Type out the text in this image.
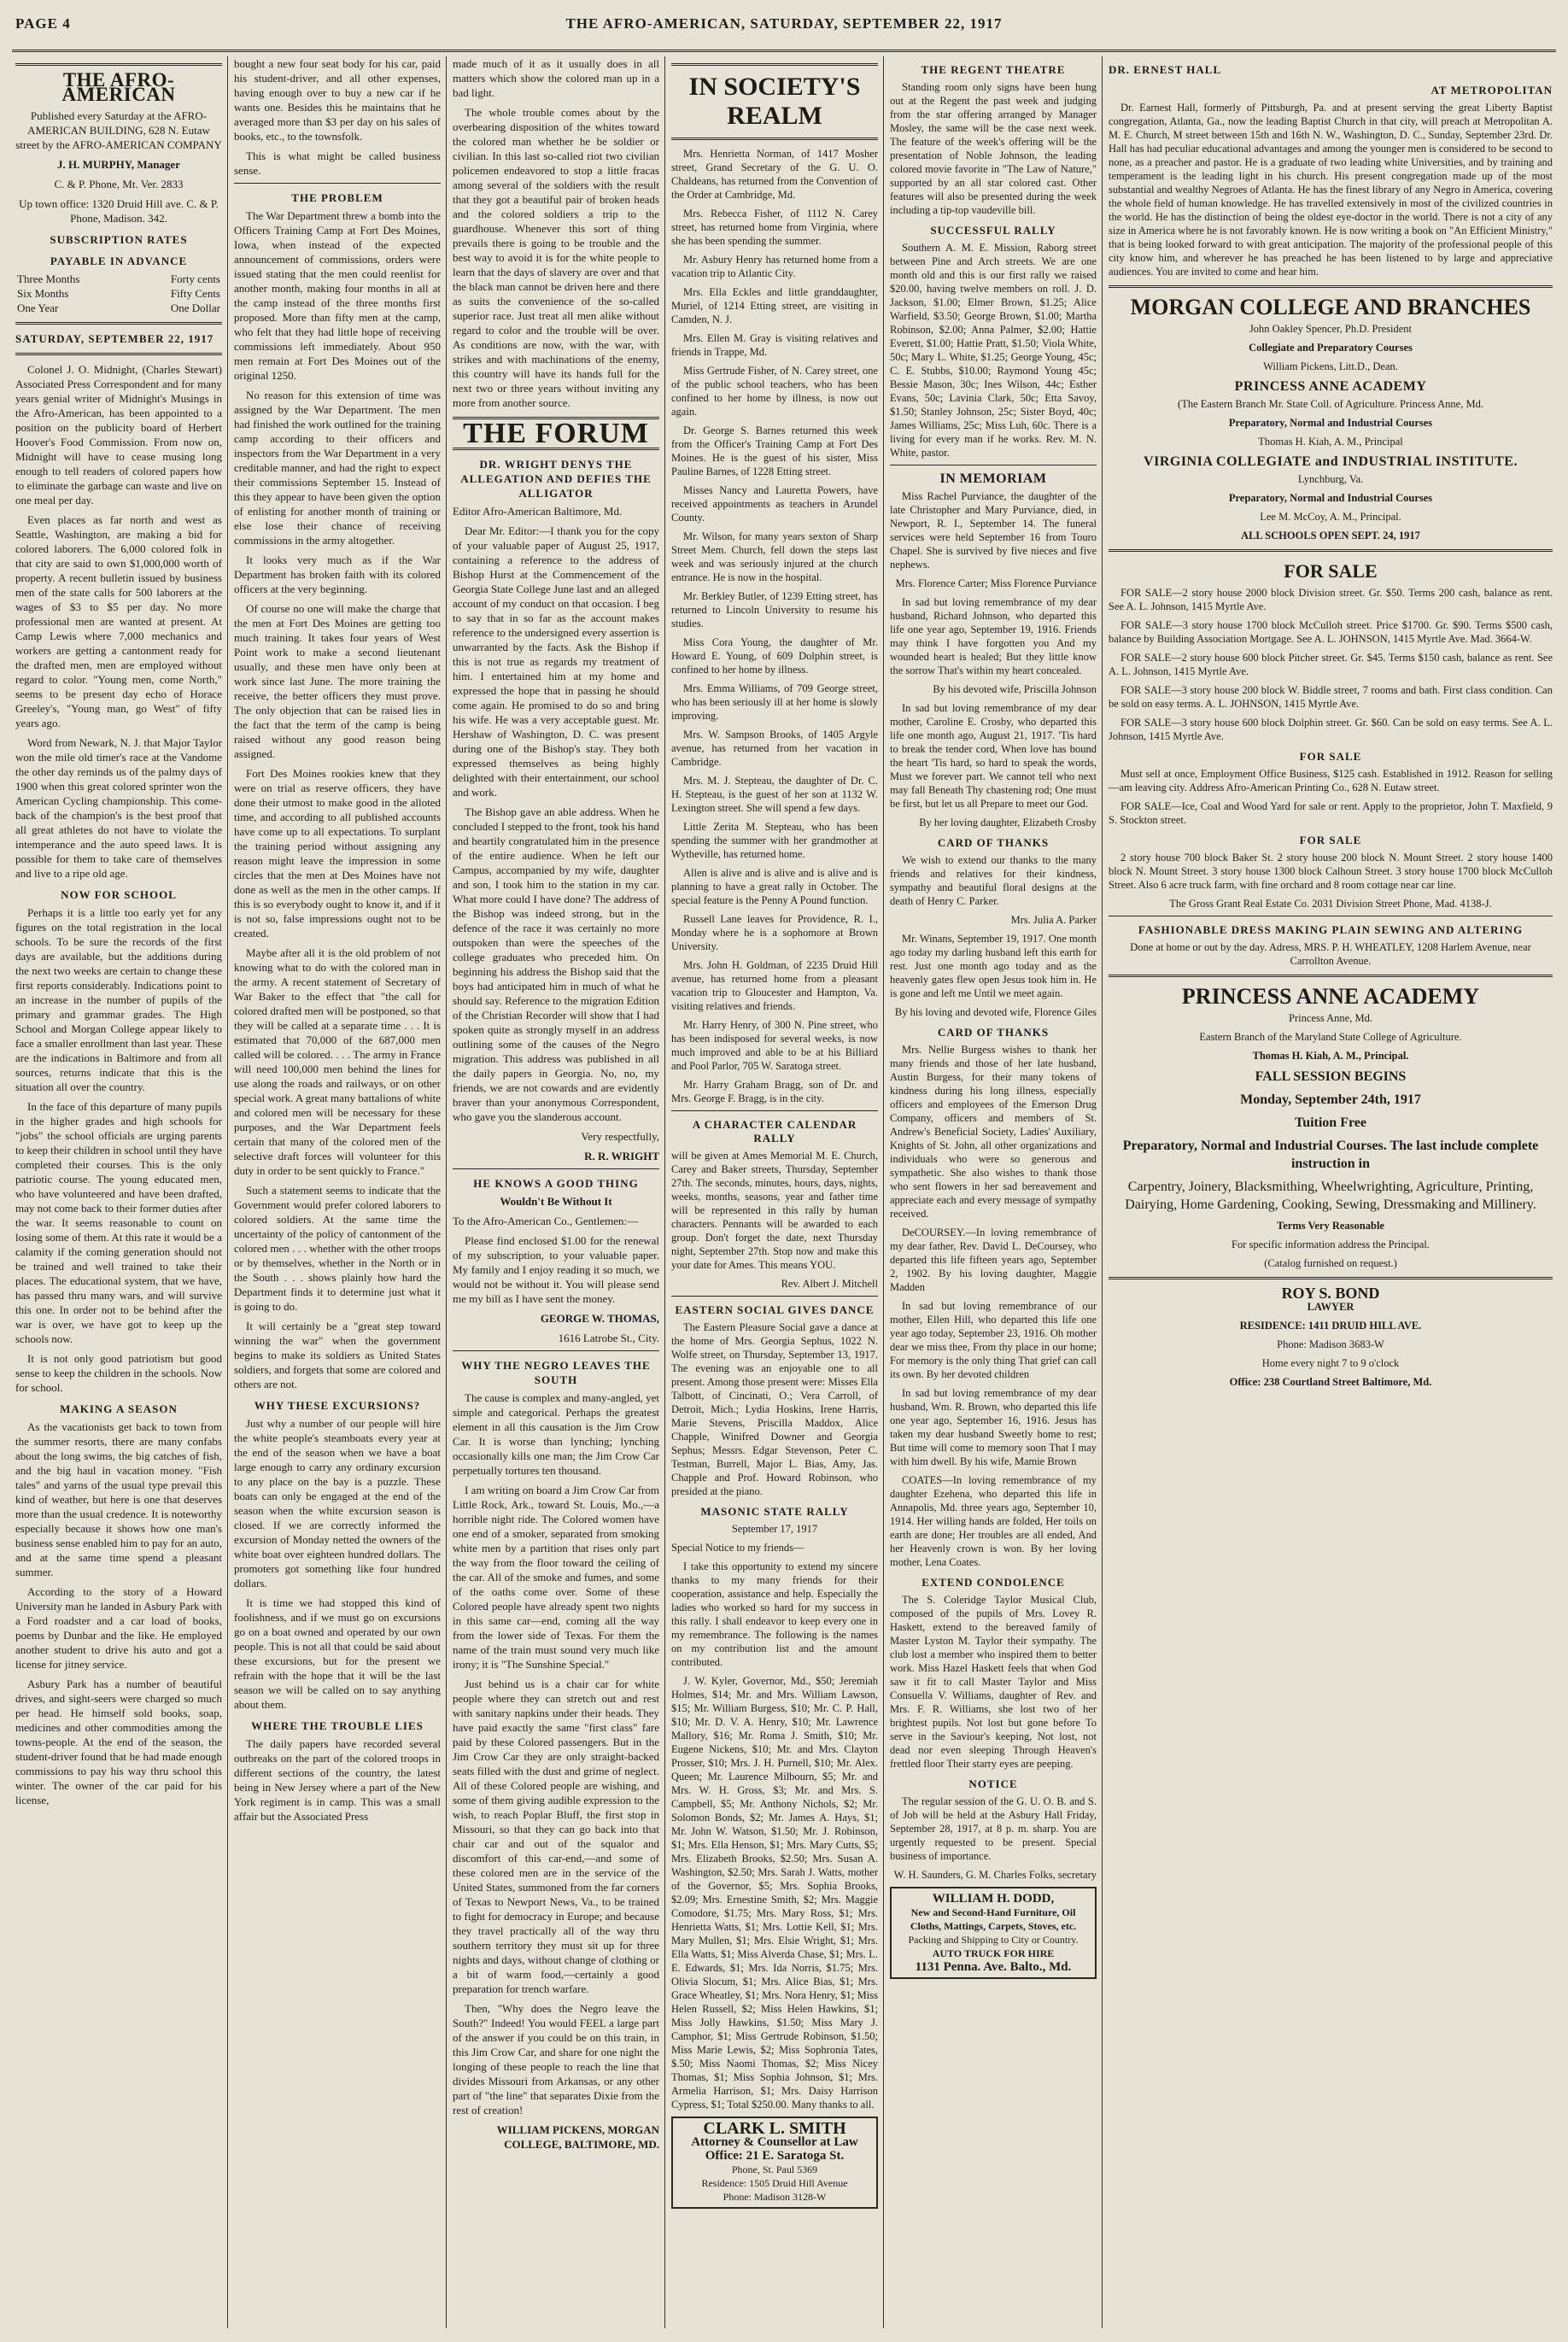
PAGE 4	THE AFRO-AMERICAN, SATURDAY, SEPTEMBER 22, 1917
THE AFRO-AMERICAN

Published every Saturday at the AFRO-AMERICAN BUILDING, 628 N. Eutaw street by the AFRO-AMERICAN COMPANY

J. H. MURPHY, Manager

C. & P. Phone, Mt. Ver. 2833

Up town office: 1320 Druid Hill ave. C. & P. Phone, Madison. 342.

SUBSCRIPTION RATES
PAYABLE IN ADVANCE
Three Months	Forty cents
Six Months	Fifty Cents
One Year	One Dollar
SATURDAY, SEPTEMBER 22, 1917

Colonel J. O. Midnight, (Charles Stewart) Associated Press Correspondent and for many years genial writer of Midnight's Musings in the Afro-American, has been appointed to a position on the publicity board of Herbert Hoover's Food Commission. From now on, Midnight will have to cease musing long enough to tell readers of colored papers how to eliminate the garbage can waste and live on one meal per day.

Even places as far north and west as Seattle, Washington, are making a bid for colored laborers. The 6,000 colored folk in that city are said to own $1,000,000 worth of property. A recent bulletin issued by business men of the state calls for 500 laborers at the wages of $3 to $5 per day. No more professional men are wanted at present. At Camp Lewis where 7,000 mechanics and workers are getting a cantonment ready for the drafted men, men are employed without regard to color. "Young men, come North," seems to be present day echo of Horace Greeley's, "Young man, go West" of fifty years ago.

Word from Newark, N. J. that Major Taylor won the mile old timer's race at the Vandome the other day reminds us of the palmy days of 1900 when this great colored sprinter won the American Cycling championship. This come-back of the champion's is the best proof that all great athletes do not have to violate the intemperance and the auto speed laws. It is possible for them to take care of themselves and live to a ripe old age.

NOW FOR SCHOOL

Perhaps it is a little too early yet for any figures on the total registration in the local schools. To be sure the records of the first days are available, but the additions during the next two weeks are certain to change these first reports considerably. Indications point to an increase in the number of pupils of the primary and grammar grades. The High School and Morgan College appear likely to face a smaller enrollment than last year. These are the indications in Baltimore and from all sources, returns indicate that this is the situation all over the country.

In the face of this departure of many pupils in the higher grades and high schools for "jobs" the school officials are urging parents to keep their children in school until they have completed their courses. This is the only patriotic course. The young educated men, who have volunteered and have been drafted, may not come back to their former duties after the war. It seems reasonable to count on losing some of them. At this rate it would be a calamity if the coming generation should not be trained and well trained to take their places. The educational system, that we have, has passed thru many wars, and will survive this one. In order not to be behind after the war is over, we have got to keep up the schools now.

It is not only good patriotism but good sense to keep the children in the schools. Now for school.

MAKING A SEASON

As the vacationists get back to town from the summer resorts, there are many confabs about the long swims, the big catches of fish, and the big haul in vacation money. "Fish tales" and yarns of the usual type prevail this kind of weather, but here is one that deserves more than the usual credence. It is noteworthy especially because it shows how one man's business sense enabled him to pay for an auto, and at the same time spend a pleasant summer.

According to the story of a Howard University man he landed in Asbury Park with a Ford roadster and a car load of books, poems by Dunbar and the like. He employed another student to drive his auto and got a license for jitney service.

Asbury Park has a number of beautiful drives, and sight-seers were charged so much per head. He himself sold books, soap, medicines and other commodities among the towns-people. At the end of the season, the student-driver found that he had made enough commissions to pay his way thru school this winter. The owner of the car paid for his license,

bought a new four seat body for his car, paid his student-driver, and all other expenses, having enough over to buy a new car if he wants one. Besides this he maintains that he averaged more than $3 per day on his sales of books, etc., to the townsfolk.

This is what might be called business sense.

THE PROBLEM

The War Department threw a bomb into the Officers Training Camp at Fort Des Moines, Iowa, when instead of the expected announcement of commissions, orders were issued stating that the men could reenlist for another month, making four months in all at the camp instead of the three months first proposed. More than fifty men at the camp, who felt that they had little hope of receiving commissions left immediately. About 950 men remain at Fort Des Moines out of the original 1250.

No reason for this extension of time was assigned by the War Department. The men had finished the work outlined for the training camp according to their officers and inspectors from the War Department in a very creditable manner, and had the right to expect their commissions September 15. Instead of this they appear to have been given the option of enlisting for another month of training or else lose their chance of receiving commissions in the army altogether.

It looks very much as if the War Department has broken faith with its colored officers at the very beginning.

Of course no one will make the charge that the men at Fort Des Moines are getting too much training. It takes four years of West Point work to make a second lieutenant usually, and these men have only been at work since last June. The more training the receive, the better officers they must prove. The only objection that can be raised lies in the fact that the term of the camp is being raised without any good reason being assigned.

Fort Des Moines rookies knew that they were on trial as reserve officers, they have done their utmost to make good in the alloted time, and according to all published accounts have come up to all expectations. To surplant the training period without assigning any reason might leave the impression in some circles that the men at Des Moines have not done as well as the men in the other camps. If this is so everybody ought to know it, and if it is not so, false impressions ought not to be created.

Maybe after all it is the old problem of not knowing what to do with the colored man in the army. A recent statement of Secretary of War Baker to the effect that "the call for colored drafted men will be postponed, so that they will be called at a separate time . . . It is estimated that 70,000 of the 687,000 men called will be colored. . . . The army in France will need 100,000 men behind the lines for use along the roads and railways, or on other special work. A great many battalions of white and colored men will be necessary for these purposes, and the War Department feels certain that many of the colored men of the selective draft forces will volunteer for this duty in order to be sent quickly to France."

Such a statement seems to indicate that the Government would prefer colored laborers to colored soldiers. At the same time the uncertainty of the policy of cantonment of the colored men . . . whether with the other troops or by themselves, whether in the North or in the South . . . shows plainly how hard the Department finds it to determine just what it is going to do.

It will certainly be a "great step toward winning the war" when the government begins to make its soldiers as United States soldiers, and forgets that some are colored and others are not.

WHY THESE EXCURSIONS?

Just why a number of our people will hire the white people's steamboats every year at the end of the season when we have a boat large enough to carry any ordinary excursion to any place on the bay is a puzzle. These boats can only be engaged at the end of the season when the white excursion season is closed. If we are correctly informed the excursion of Monday netted the owners of the white boat over eighteen hundred dollars. The promoters got something like four hundred dollars.

It is time we had stopped this kind of foolishness, and if we must go on excursions go on a boat owned and operated by our own people. This is not all that could be said about these excursions, but for the present we refrain with the hope that it will be the last season we will be called on to say anything about them.

WHERE THE TROUBLE LIES

The daily papers have recorded several outbreaks on the part of the colored troops in different sections of the country, the latest being in New Jersey where a part of the New York regiment is in camp. This was a small affair but the Associated Press

made much of it as it usually does in all matters which show the colored man up in a bad light.

The whole trouble comes about by the overbearing disposition of the whites toward the colored man whether he be soldier or civilian. In this last so-called riot two civilian policemen endeavored to stop a little fracas among several of the soldiers with the result that they got a beautiful pair of broken heads and the colored soldiers a trip to the guardhouse. Whenever this sort of thing prevails there is going to be trouble and the best way to avoid it is for the white people to learn that the days of slavery are over and that the black man cannot be driven here and there as suits the convenience of the so-called superior race. Just treat all men alike without regard to color and the trouble will be over. As conditions are now, with the war, with strikes and with machinations of the enemy, this country will have its hands full for the next two or three years without inviting any more from another source.

THE FORUM
DR. WRIGHT DENYS THE ALLEGATION AND DEFIES THE ALLIGATOR

Editor Afro-American Baltimore, Md.

Dear Mr. Editor:—I thank you for the copy of your valuable paper of August 25, 1917, containing a reference to the address of Bishop Hurst at the Commencement of the Georgia State College June last and an alleged account of my conduct on that occasion. I beg to say that in so far as the account makes reference to the undersigned every assertion is unwarranted by the facts. Ask the Bishop if this is not true as regards my treatment of him. I entertained him at my home and expressed the hope that in passing he should come again. He promised to do so and bring his wife. He was a very acceptable guest. Mr. Hershaw of Washington, D. C. was present during one of the Bishop's stay. They both expressed themselves as being highly delighted with their entertainment, our school and work.

The Bishop gave an able address. When he concluded I stepped to the front, took his hand and heartily congratulated him in the presence of the entire audience. When he left our Campus, accompanied by my wife, daughter and son, I took him to the station in my car. What more could I have done? The address of the Bishop was indeed strong, but in the defence of the race it was certainly no more outspoken than were the speeches of the college graduates who preceded him. On beginning his address the Bishop said that the boys had anticipated him in much of what he should say. Reference to the migration Edition of the Christian Recorder will show that I had spoken quite as strongly myself in an address outlining some of the causes of the Negro migration. This address was published in all the daily papers in Georgia. No, no, my friends, we are not cowards and are evidently braver than your anonymous Correspondent, who gave you the slanderous account.

Very respectfully,

R. R. WRIGHT

HE KNOWS A GOOD THING

Wouldn't Be Without It

To the Afro-American Co., Gentlemen:—

Please find enclosed $1.00 for the renewal of my subscription, to your valuable paper. My family and I enjoy reading it so much, we would not be without it. You will please send me my bill as I have sent the money.

GEORGE W. THOMAS,

1616 Latrobe St., City.

WHY THE NEGRO LEAVES THE SOUTH

The cause is complex and many-angled, yet simple and categorical. Perhaps the greatest element in all this causation is the Jim Crow Car. It is worse than lynching; lynching occasionally kills one man; the Jim Crow Car perpetually tortures ten thousand.

I am writing on board a Jim Crow Car from Little Rock, Ark., toward St. Louis, Mo.,—a horrible night ride. The Colored women have one end of a smoker, separated from smoking white men by a partition that rises only part the way from the floor toward the ceiling of the car. All of the smoke and fumes, and some of the oaths come over. Some of these Colored people have already spent two nights in this same car—end, coming all the way from the lower side of Texas. For them the name of the train must sound very much like irony; it is "The Sunshine Special."

Just behind us is a chair car for white people where they can stretch out and rest with sanitary napkins under their heads. They have paid exactly the same "first class" fare paid by these Colored passengers. But in the Jim Crow Car they are only straight-backed seats filled with the dust and grime of neglect. All of these Colored people are wishing, and some of them giving audible expression to the wish, to reach Poplar Bluff, the first stop in Missouri, so that they can go back into that chair car and out of the squalor and discomfort of this car-end,—and some of these colored men are in the service of the United States, summoned from the far corners of Texas to Newport News, Va., to be trained to fight for democracy in Europe; and because they travel practically all of the way thru southern territory they must sit up for three nights and days, without change of clothing or a bit of warm food,—certainly a good preparation for trench warfare.

Then, "Why does the Negro leave the South?" Indeed! You would FEEL a large part of the answer if you could be on this train, in this Jim Crow Car, and share for one night the longing of these people to reach the line that divides Missouri from Arkansas, or any other part of "the line" that separates Dixie from the rest of creation!

WILLIAM PICKENS, MORGAN COLLEGE, BALTIMORE, MD.

IN SOCIETY'S REALM

Mrs. Henrietta Norman, of 1417 Mosher street, Grand Secretary of the G. U. O. Chaldeans, has returned from the Convention of the Order at Cambridge, Md.

Mrs. Rebecca Fisher, of 1112 N. Carey street, has returned home from Virginia, where she has been spending the summer.

Mr. Asbury Henry has returned home from a vacation trip to Atlantic City.

Mrs. Ella Eckles and little granddaughter, Muriel, of 1214 Etting street, are visiting in Camden, N. J.

Mrs. Ellen M. Gray is visiting relatives and friends in Trappe, Md.

Miss Gertrude Fisher, of N. Carey street, one of the public school teachers, who has been confined to her home by illness, is now out again.

Dr. George S. Barnes returned this week from the Officer's Training Camp at Fort Des Moines. He is the guest of his sister, Miss Pauline Barnes, of 1228 Etting street.

Misses Nancy and Lauretta Powers, have received appointments as teachers in Arundel County.

Mr. Wilson, for many years sexton of Sharp Street Mem. Church, fell down the steps last week and was seriously injured at the church entrance. He is now in the hospital.

Mr. Berkley Butler, of 1239 Etting street, has returned to Lincoln University to resume his studies.

Miss Cora Young, the daughter of Mr. Howard E. Young, of 609 Dolphin street, is confined to her home by illness.

Mrs. Emma Williams, of 709 George street, who has been seriously ill at her home is slowly improving.

Mrs. W. Sampson Brooks, of 1405 Argyle avenue, has returned from her vacation in Cambridge.

Mrs. M. J. Stepteau, the daughter of Dr. C. H. Stepteau, is the guest of her son at 1132 W. Lexington street. She will spend a few days.

Little Zerita M. Stepteau, who has been spending the summer with her grandmother at Wytheville, has returned home.

Allen is alive and is alive and is alive and is planning to have a great rally in October. The special feature is the Penny A Pound function.

Russell Lane leaves for Providence, R. I., Monday where he is a sophomore at Brown University.

Mrs. John H. Goldman, of 2235 Druid Hill avenue, has returned home from a pleasant vacation trip to Gloucester and Hampton, Va. visiting relatives and friends.

Mr. Harry Henry, of 300 N. Pine street, who has been indisposed for several weeks, is now much improved and able to be at his Billiard and Pool Parlor, 705 W. Saratoga street.

Mr. Harry Graham Bragg, son of Dr. and Mrs. George F. Bragg, is in the city.

A CHARACTER CALENDAR RALLY

will be given at Ames Memorial M. E. Church, Carey and Baker streets, Thursday, September 27th. The seconds, minutes, hours, days, nights, weeks, months, seasons, year and father time will be represented in this rally by human characters. Pennants will be awarded to each group. Don't forget the date, next Thursday night, September 27th. Stop now and make this your date for Ames. This means YOU.

Rev. Albert J. Mitchell

EASTERN SOCIAL GIVES DANCE

The Eastern Pleasure Social gave a dance at the home of Mrs. Georgia Sephus, 1022 N. Wolfe street, on Thursday, September 13, 1917. The evening was an enjoyable one to all present. Among those present were: Misses Ella Talbott, of Cincinati, O.; Vera Carroll, of Detroit, Mich.; Lydia Hoskins, Irene Harris, Marie Stevens, Priscilla Maddox, Alice Chapple, Winifred Downer and Georgia Sephus; Messrs. Edgar Stevenson, Peter C. Testman, Burrell, Major L. Bias, Amy, Jas. Chapple and Prof. Howard Robinson, who presided at the piano.

MASONIC STATE RALLY

September 17, 1917

Special Notice to my friends—

I take this opportunity to extend my sincere thanks to my many friends for their cooperation, assistance and help. Especially the ladies who worked so hard for my success in this rally. I shall endeavor to keep every one in my remembrance. The following is the names on my contribution list and the amount contributed.

J. W. Kyler, Governor, Md., $50; Jeremiah Holmes, $14; Mr. and Mrs. William Lawson, $15; Mr. William Burgess, $10; Mr. C. P. Hall, $10; Mr. D. V. A. Henry, $10; Mr. Lawrence Mallory, $16; Mr. Roma J. Smith, $10; Mr. Eugene Nickens, $10; Mr. and Mrs. Clayton Prosser, $10; Mrs. J. H. Purnell, $10; Mr. Alex. Queen; Mr. Laurence Milbourn, $5; Mr. and Mrs. W. H. Gross, $3; Mr. and Mrs. S. Campbell, $5; Mr. Anthony Nichols, $2; Mr. Solomon Bonds, $2; Mr. James A. Hays, $1; Mr. John W. Watson, $1.50; Mr. J. Robinson, $1; Mrs. Ella Henson, $1; Mrs. Mary Cutts, $5; Mrs. Elizabeth Brooks, $2.50; Mrs. Susan A. Washington, $2.50; Mrs. Sarah J. Watts, mother of the Governor, $5; Mrs. Sophia Brooks, $2.09; Mrs. Ernestine Smith, $2; Mrs. Maggie Comodore, $1.75; Mrs. Mary Ross, $1; Mrs. Henrietta Watts, $1; Mrs. Lottie Kell, $1; Mrs. Mary Mullen, $1; Mrs. Elsie Wright, $1; Mrs. Ella Watts, $1; Miss Alverda Chase, $1; Mrs. L. E. Edwards, $1; Mrs. Ida Norris, $1.75; Mrs. Olivia Slocum, $1; Mrs. Alice Bias, $1; Mrs. Grace Wheatley, $1; Mrs. Nora Henry, $1; Miss Helen Russell, $2; Miss Helen Hawkins, $1; Miss Jolly Hawkins, $1.50; Miss Mary J. Camphor, $1; Miss Gertrude Robinson, $1.50; Miss Marie Lewis, $2; Miss Sophronia Tates, $.50; Miss Naomi Thomas, $2; Miss Nicey Thomas, $1; Miss Sophia Johnson, $1; Mrs. Armelia Harrison, $1; Mrs. Daisy Harrison Cypress, $1; Total $250.00. Many thanks to all.

CLARK L. SMITH
Attorney & Counsellor at Law
Office: 21 E. Saratoga St.
Phone, St. Paul 5369
Residence: 1505 Druid Hill Avenue
Phone: Madison 3128-W
THE REGENT THEATRE

Standing room only signs have been hung out at the Regent the past week and judging from the star offering arranged by Manager Mosley, the same will be the case next week. The feature of the week's offering will be the presentation of Noble Johnson, the leading colored movie favorite in "The Law of Nature," supported by an all star colored cast. Other features will also be presented during the week including a tip-top vaudeville bill.

SUCCESSFUL RALLY

Southern A. M. E. Mission, Raborg street between Pine and Arch streets. We are one month old and this is our first rally we raised $20.00, having twelve members on roll. J. D. Jackson, $1.00; Elmer Brown, $1.25; Alice Warfield, $3.50; George Brown, $1.00; Martha Robinson, $2.00; Anna Palmer, $2.00; Hattie Everett, $1.00; Hattie Pratt, $1.50; Viola White, 50c; Mary L. White, $1.25; George Young, 45c; C. E. Stubbs, $10.00; Raymond Young 45c; Bessie Mason, 30c; Ines Wilson, 44c; Esther Evans, 50c; Lavinia Clark, 50c; Etta Savoy, $1.50; Stanley Johnson, 25c; Sister Boyd, 40c; James Williams, 25c; Miss Luh, 60c. There is a living for every man if he works. Rev. M. N. White, pastor.

IN MEMORIAM

Miss Rachel Purviance, the daughter of the late Christopher and Mary Purviance, died, in Newport, R. I., September 14. The funeral services were held September 16 from Touro Chapel. She is survived by five nieces and five nephews.

Mrs. Florence Carter; Miss Florence Purviance

In sad but loving remembrance of my dear husband, Richard Johnson, who departed this life one year ago, September 19, 1916. Friends may think I have forgotten you And my wounded heart is healed; But they little know the sorrow That's within my heart concealed.

By his devoted wife, Priscilla Johnson

In sad but loving remembrance of my dear mother, Caroline E. Crosby, who departed this life one month ago, August 21, 1917. 'Tis hard to break the tender cord, When love has bound the heart 'Tis hard, so hard to speak the words, Must we forever part. We cannot tell who next may fall Beneath Thy chastening rod; One must be first, but let us all Prepare to meet our God.

By her loving daughter, Elizabeth Crosby

CARD OF THANKS

We wish to extend our thanks to the many friends and relatives for their kindness, sympathy and beautiful floral designs at the death of Henry C. Parker.

Mrs. Julia A. Parker

Mr. Winans, September 19, 1917. One month ago today my darling husband left this earth for rest. Just one month ago today and as the heavenly gates flew open Jesus took him in. He is gone and left me Until we meet again.

By his loving and devoted wife, Florence Giles

CARD OF THANKS

Mrs. Nellie Burgess wishes to thank her many friends and those of her late husband, Austin Burgess, for their many tokens of kindness during his long illness, especially officers and employees of the Emerson Drug Company, officers and members of St. Andrew's Beneficial Society, Ladies' Auxiliary, Knights of St. John, all other organizations and individuals who were so generous and sympathetic. She also wishes to thank those who sent flowers in her sad bereavement and appreciate each and every message of sympathy received.

DeCOURSEY.—In loving remembrance of my dear father, Rev. David L. DeCoursey, who departed this life fifteen years ago, September 2, 1902. By his loving daughter, Maggie Madden

In sad but loving remembrance of our mother, Ellen Hill, who departed this life one year ago today, September 23, 1916. Oh mother dear we miss thee, From thy place in our home; For memory is the only thing That grief can call its own. By her devoted children

In sad but loving remembrance of my dear husband, Wm. R. Brown, who departed this life one year ago, September 16, 1916. Jesus has taken my dear husband Sweetly home to rest; But time will come to memory soon That I may with him dwell. By his wife, Mamie Brown

COATES—In loving remembrance of my daughter Ezehena, who departed this life in Annapolis, Md. three years ago, September 10, 1914. Her willing hands are folded, Her toils on earth are done; Her troubles are all ended, And her Heavenly crown is won. By her loving mother, Lena Coates.

EXTEND CONDOLENCE

The S. Coleridge Taylor Musical Club, composed of the pupils of Mrs. Lovey R. Haskett, extend to the bereaved family of Master Lyston M. Taylor their sympathy. The club lost a member who inspired them to better work. Miss Hazel Haskett feels that when God saw it fit to call Master Taylor and Miss Consuella V. Williams, daughter of Rev. and Mrs. F. R. Williams, she lost two of her brightest pupils. Not lost but gone before To serve in the Saviour's keeping, Not lost, not dead nor even sleeping Through Heaven's frettled floor Their starry eyes are peeping.

NOTICE

The regular session of the G. U. O. B. and S. of Job will be held at the Asbury Hall Friday, September 28, 1917, at 8 p. m. sharp. You are urgently requested to be present. Special business of importance.

W. H. Saunders, G. M. Charles Folks, secretary

WILLIAM H. DODD,
New and Second-Hand Furniture, Oil Cloths, Mattings, Carpets, Stoves, etc.
Packing and Shipping to City or Country.
AUTO TRUCK FOR HIRE
1131 Penna. Ave. Balto., Md.
DR. ERNEST HALL
AT METROPOLITAN

Dr. Earnest Hall, formerly of Pittsburgh, Pa. and at present serving the great Liberty Baptist congregation, Atlanta, Ga., now the leading Baptist Church in that city, will preach at Metropolitan A. M. E. Church, M street between 15th and 16th N. W., Washington, D. C., Sunday, September 23rd. Dr. Hall has had peculiar educational advantages and among the younger men is considered to be second to none, as a preacher and pastor. He is a graduate of two leading white Universities, and by training and temperament is the leading light in his church. His present congregation made up of the most substantial and wealthy Negroes of Atlanta. He has the finest library of any Negro in America, covering the whole field of human knowledge. He has travelled extensively in most of the civilized countries in the world. He has the distinction of being the oldest eye-doctor in the world. There is not a city of any size in America where he is not favorably known. He is now writing a book on "An Efficient Ministry," that is being looked forward to with great anticipation. The majority of the professional people of this city know him, and wherever he has preached he has been listened to by large and appreciative audiences. You are invited to come and hear him.

MORGAN COLLEGE AND BRANCHES

John Oakley Spencer, Ph.D. President

Collegiate and Preparatory Courses

William Pickens, Litt.D., Dean.

PRINCESS ANNE ACADEMY

(The Eastern Branch Mr. State Coll. of Agriculture. Princess Anne, Md.

Preparatory, Normal and Industrial Courses

Thomas H. Kiah, A. M., Principal

VIRGINIA COLLEGIATE and INDUSTRIAL INSTITUTE.

Lynchburg, Va.

Preparatory, Normal and Industrial Courses

Lee M. McCoy, A. M., Principal.

ALL SCHOOLS OPEN SEPT. 24, 1917

FOR SALE

FOR SALE—2 story house 2000 block Division street. Gr. $50. Terms 200 cash, balance as rent. See A. L. Johnson, 1415 Myrtle Ave.

FOR SALE—3 story house 1700 block McCulloh street. Price $1700. Gr. $90. Terms $500 cash, balance by Building Association Mortgage. See A. L. JOHNSON, 1415 Myrtle Ave. Mad. 3664-W.

FOR SALE—2 story house 600 block Pitcher street. Gr. $45. Terms $150 cash, balance as rent. See A. L. Johnson, 1415 Myrtle Ave.

FOR SALE—3 story house 200 block W. Biddle street, 7 rooms and bath. First class condition. Can be sold on easy terms. A. L. JOHNSON, 1415 Myrtle Ave.

FOR SALE—3 story house 600 block Dolphin street. Gr. $60. Can be sold on easy terms. See A. L. Johnson, 1415 Myrtle Ave.

FOR SALE

Must sell at once, Employment Office Business, $125 cash. Established in 1912. Reason for selling—am leaving city. Address Afro-American Printing Co., 628 N. Eutaw street.

FOR SALE—Ice, Coal and Wood Yard for sale or rent. Apply to the proprietor, John T. Maxfield, 9 S. Stockton street.

FOR SALE

2 story house 700 block Baker St. 2 story house 200 block N. Mount Street. 2 story house 1400 block N. Mount Street. 3 story house 1300 block Calhoun Street. 3 story house 1700 block McCulloh Street. Also 6 acre truck farm, with fine orchard and 8 room cottage near car line.

The Gross Grant Real Estate Co. 2031 Division Street Phone, Mad. 4138-J.

FASHIONABLE DRESS MAKING PLAIN SEWING AND ALTERING

Done at home or out by the day. Adress, MRS. P. H. WHEATLEY, 1208 Harlem Avenue, near Carrollton Avenue.

PRINCESS ANNE ACADEMY

Princess Anne, Md.

Eastern Branch of the Maryland State College of Agriculture.

Thomas H. Kiah, A. M., Principal.

FALL SESSION BEGINS

Monday, September 24th, 1917

Tuition Free

Preparatory, Normal and Industrial Courses. The last include complete instruction in

Carpentry, Joinery, Blacksmithing, Wheelwrighting, Agriculture, Printing, Dairying, Home Gardening, Cooking, Sewing, Dressmaking and Millinery.

Terms Very Reasonable

For specific information address the Principal.

(Catalog furnished on request.)

ROY S. BOND

LAWYER

RESIDENCE: 1411 DRUID HILL AVE.

Phone: Madison 3683-W

Home every night 7 to 9 o'clock

Office: 238 Courtland Street Baltimore, Md.
